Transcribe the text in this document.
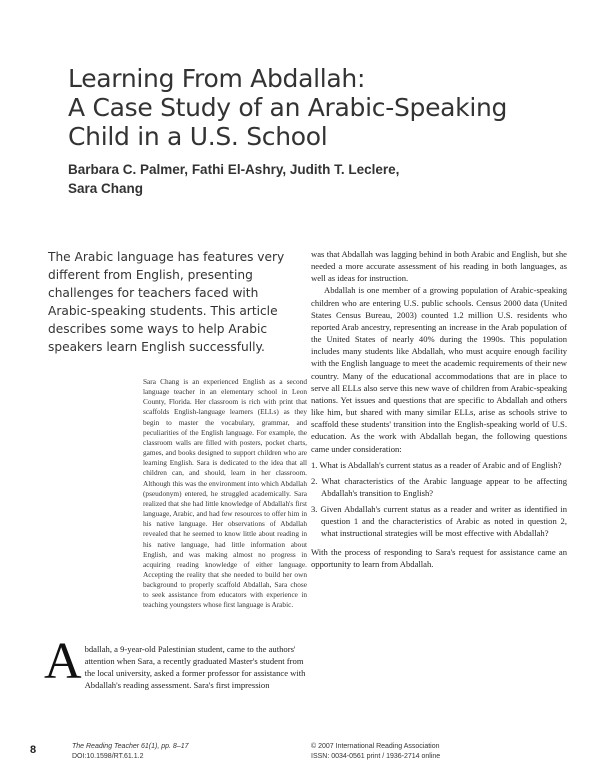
Learning From Abdallah:
A Case Study of an Arabic-Speaking
Child in a U.S. School
Barbara C. Palmer, Fathi El-Ashry, Judith T. Leclere,
Sara Chang
The Arabic language has features very different from English, presenting challenges for teachers faced with Arabic-speaking students. This article describes some ways to help Arabic speakers learn English successfully.
Sara Chang is an experienced English as a second language teacher in an elementary school in Leon County, Florida. Her classroom is rich with print that scaffolds English-language learners (ELLs) as they begin to master the vocabulary, grammar, and peculiarities of the English language. For example, the classroom walls are filled with posters, pocket charts, games, and books designed to support children who are learning English. Sara is dedicated to the idea that all children can, and should, learn in her classroom. Although this was the environment into which Abdallah (pseudonym) entered, he struggled academically. Sara realized that she had little knowledge of Abdallah's first language, Arabic, and had few resources to offer him in his native language. Her observations of Abdallah revealed that he seemed to know little about reading in his native language, had little information about English, and was making almost no progress in acquiring reading knowledge of either language. Accepting the reality that she needed to build her own background to properly scaffold Abdallah, Sara chose to seek assistance from educators with experience in teaching youngsters whose first language is Arabic.
A bdallah, a 9-year-old Palestinian student, came to the authors' attention when Sara, a recently graduated Master's student from the local university, asked a former professor for assistance with Abdallah's reading assessment. Sara's first impression

was that Abdallah was lagging behind in both Arabic and English, but she needed a more accurate assessment of his reading in both languages, as well as ideas for instruction.

Abdallah is one member of a growing population of Arabic-speaking children who are entering U.S. public schools. Census 2000 data (United States Census Bureau, 2003) counted 1.2 million U.S. residents who reported Arab ancestry, representing an increase in the Arab population of the United States of nearly 40% during the 1990s. This population includes many students like Abdallah, who must acquire enough facility with the English language to meet the academic requirements of their new country. Many of the educational accommodations that are in place to serve all ELLs also serve this new wave of children from Arabic-speaking nations. Yet issues and questions that are specific to Abdallah and others like him, but shared with many similar ELLs, arise as schools strive to scaffold these students' transition into the English-speaking world of U.S. education. As the work with Abdallah began, the following questions came under consideration:

1. What is Abdallah's current status as a reader of Arabic and of English?
2. What characteristics of the Arabic language appear to be affecting Abdallah's transition to English?
3. Given Abdallah's current status as a reader and writer as identified in question 1 and the characteristics of Arabic as noted in question 2, what instructional strategies will be most effective with Abdallah?

With the process of responding to Sara's request for assistance came an opportunity to learn from Abdallah.

8	The Reading Teacher 61(1), pp. 8–17
DOI:10.1598/RT.61.1.2
© 2007 International Reading Association
ISSN: 0034-0561 print / 1936-2714 online
